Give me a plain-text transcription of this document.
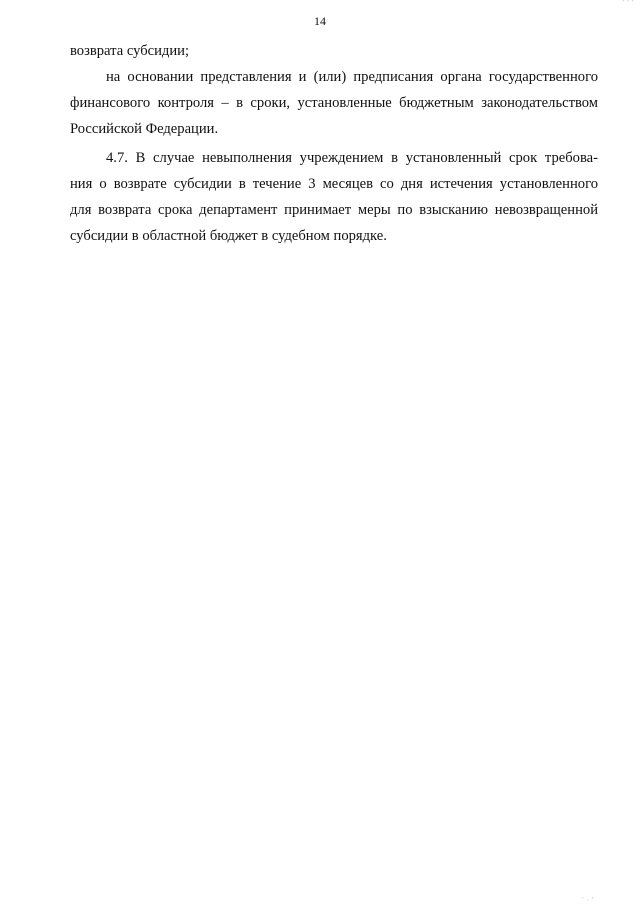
' ' '
14
возврата субсидии;
на основании представления и (или) предписания органа государственного
финансового контроля – в сроки, установленные бюджетным законодательством
Российской Федерации.
4.7. В случае невыполнения учреждением в установленный срок требова-
ния о возврате субсидии в течение 3 месяцев со дня истечения установленного
для возврата срока департамент принимает меры по взысканию невозвращенной
субсидии в областной бюджет в судебном порядке.
' . '
